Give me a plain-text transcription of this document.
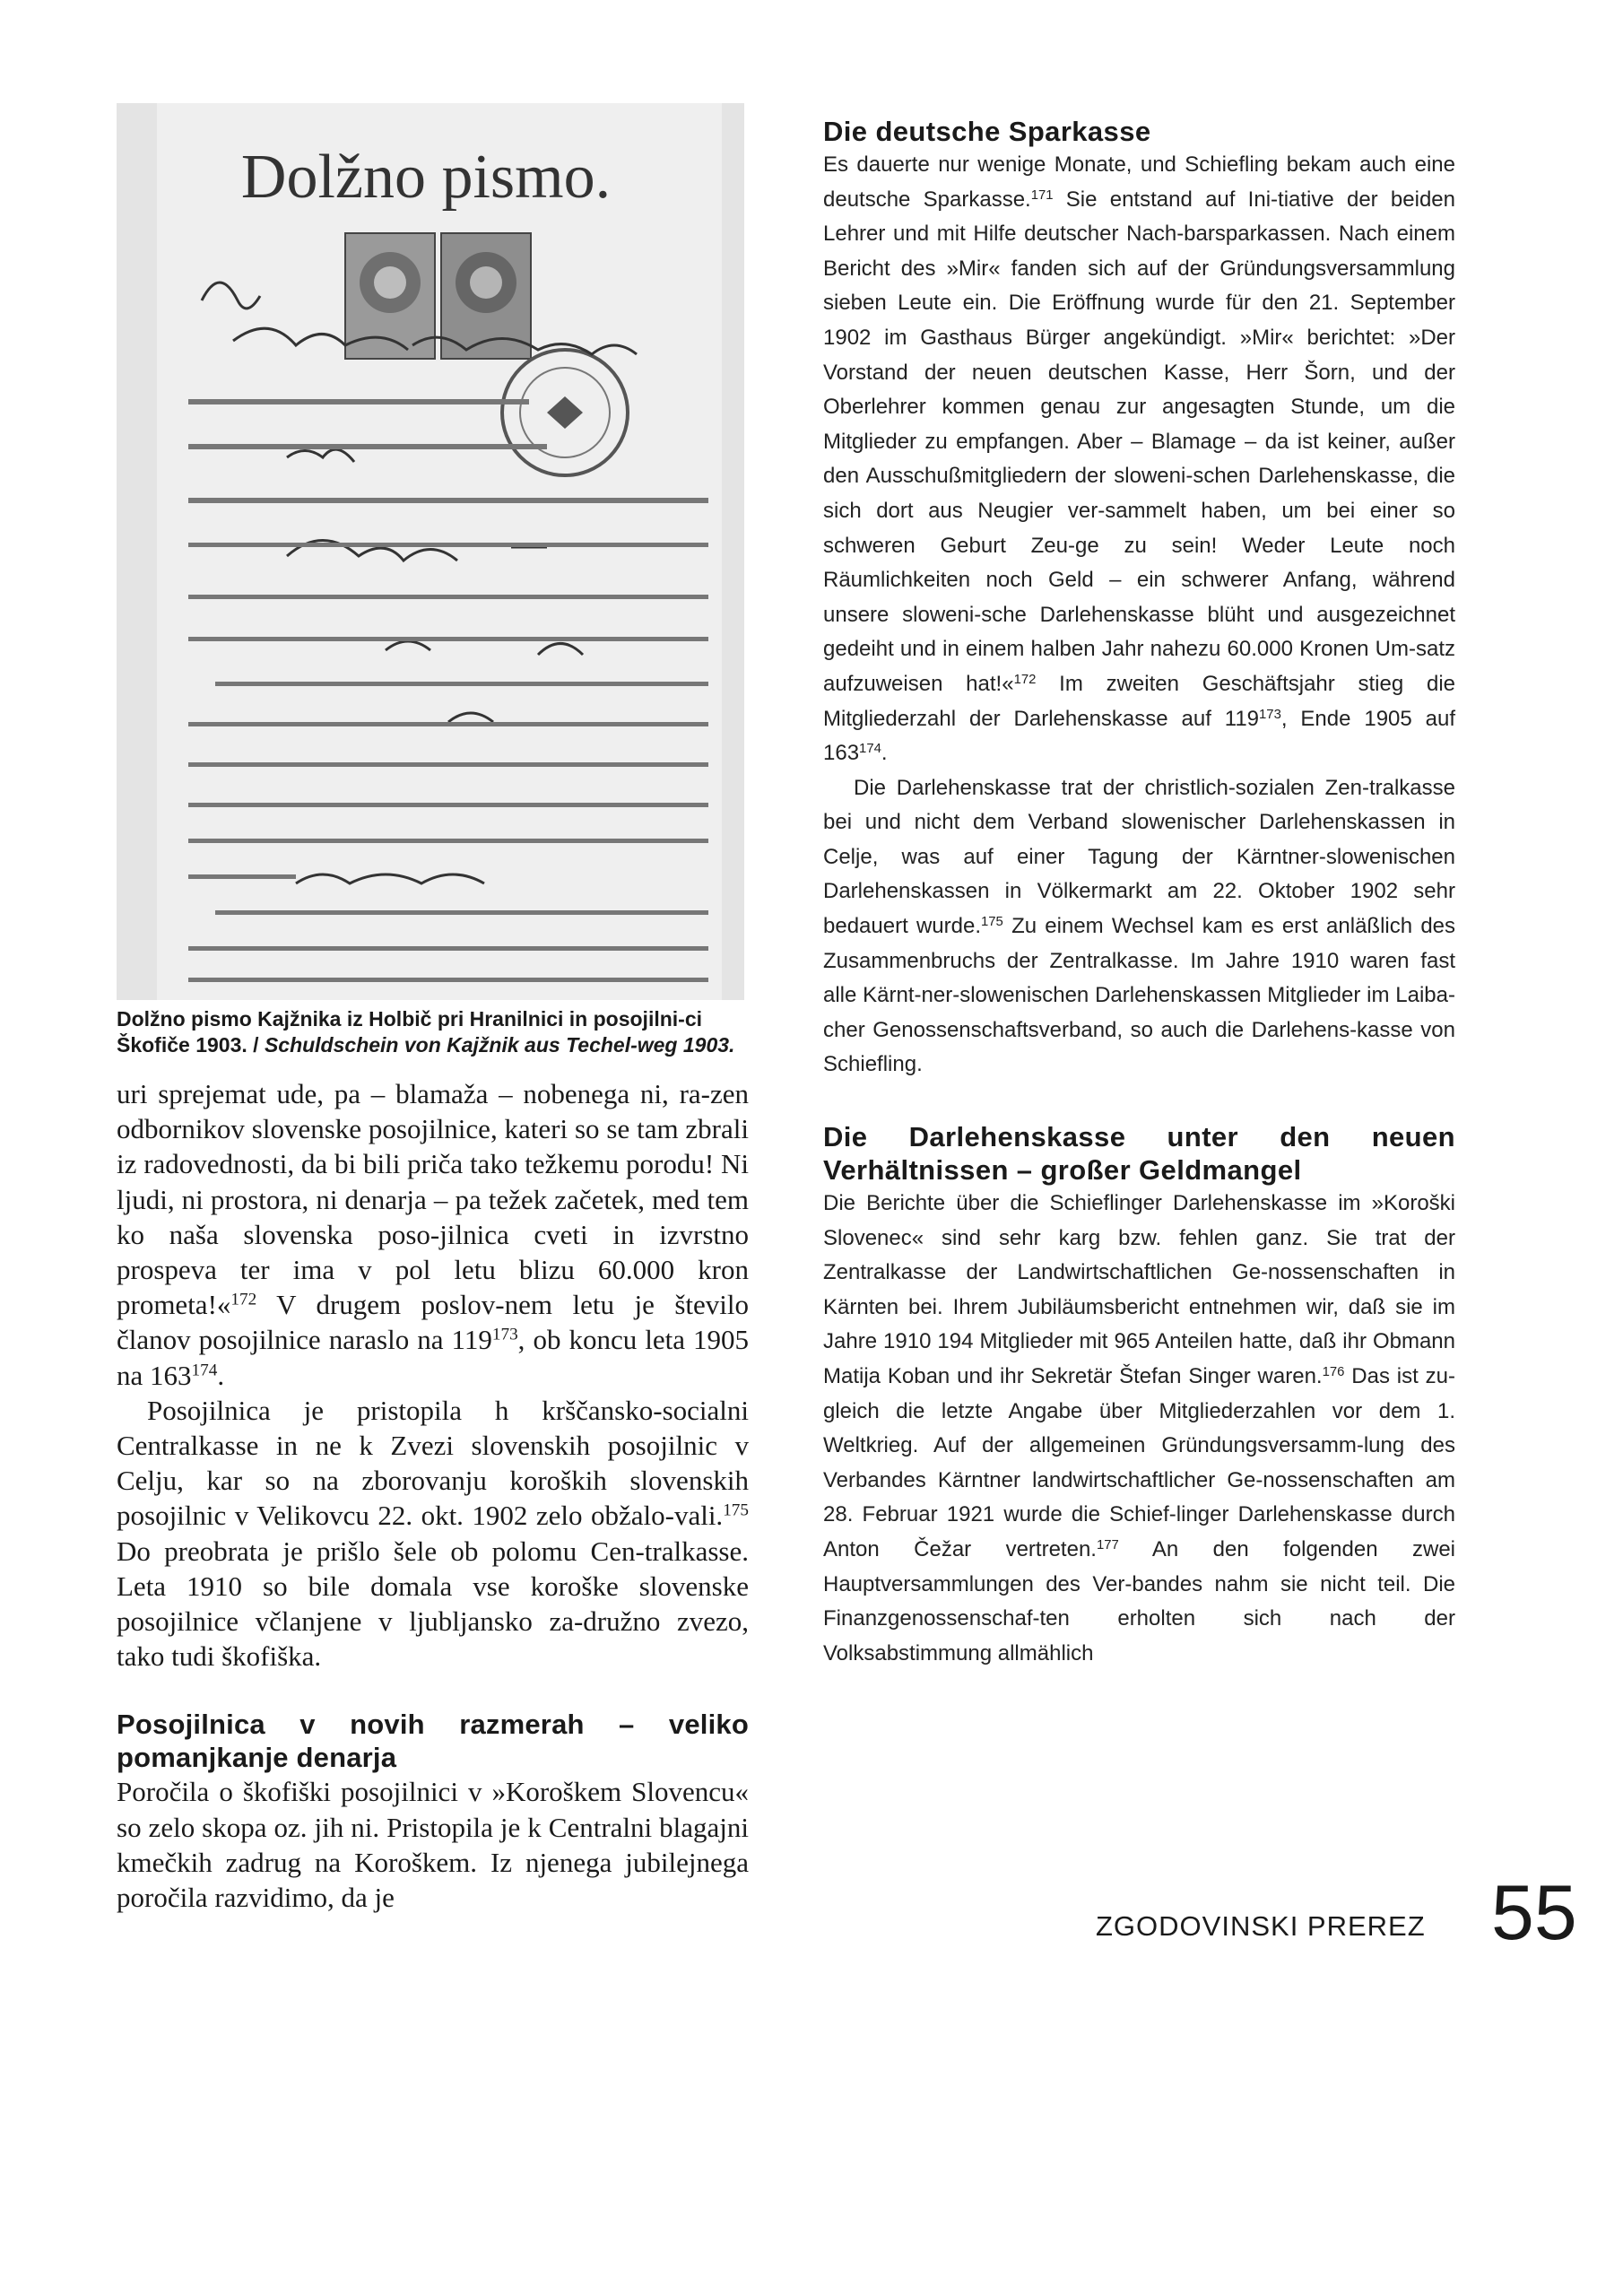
Dolžno pismo.
Dolžno pismo Kajžnika iz Holbič pri Hranilnici in posojilni-ci Škofiče 1903. / Schuldschein von Kajžnik aus Techel-weg 1903.

uri sprejemat ude, pa – blamaža – nobenega ni, ra-zen odbornikov slovenske posojilnice, kateri so se tam zbrali iz radovednosti, da bi bili priča tako težkemu porodu! Ni ljudi, ni prostora, ni denarja – pa težek začetek, med tem ko naša slovenska poso-jilnica cveti in izvrstno prospeva ter ima v pol letu blizu 60.000 kron prometa!«$^{172}$ V drugem poslov-nem letu je število članov posojilnice naraslo na $119^{173}$, ob koncu leta 1905 na $163^{174}$.

Posojilnica je pristopila h krščansko-socialni Centralkasse in ne k Zvezi slovenskih posojilnic v Celju, kar so na zborovanju koroških slovenskih posojilnic v Velikovcu 22. okt. 1902 zelo obžalo-vali.$^{175}$ Do preobrata je prišlo šele ob polomu Cen-tralkasse. Leta 1910 so bile domala vse koroške slovenske posojilnice včlanjene v ljubljansko za-družno zvezo, tako tudi škofiška.

Posojilnica v novih razmerah – veliko pomanjkanje denarja

Poročila o škofiški posojilnici v »Koroškem Slovencu« so zelo skopa oz. jih ni. Pristopila je k Centralni blagajni kmečkih zadrug na Koroškem. Iz njenega jubilejnega poročila razvidimo, da je

Die deutsche Sparkasse

Es dauerte nur wenige Monate, und Schiefling bekam auch eine deutsche Sparkasse.$^{171}$ Sie entstand auf Ini-tiative der beiden Lehrer und mit Hilfe deutscher Nach-barsparkassen. Nach einem Bericht des »Mir« fanden sich auf der Gründungsversammlung sieben Leute ein. Die Eröffnung wurde für den 21. September 1902 im Gasthaus Bürger angekündigt. »Mir« berichtet: »Der Vorstand der neuen deutschen Kasse, Herr Šorn, und der Oberlehrer kommen genau zur angesagten Stunde, um die Mitglieder zu empfangen. Aber – Blamage – da ist keiner, außer den Ausschußmitgliedern der sloweni-schen Darlehenskasse, die sich dort aus Neugier ver-sammelt haben, um bei einer so schweren Geburt Zeu-ge zu sein! Weder Leute noch Räumlichkeiten noch Geld – ein schwerer Anfang, während unsere sloweni-sche Darlehenskasse blüht und ausgezeichnet gedeiht und in einem halben Jahr nahezu 60.000 Kronen Um-satz aufzuweisen hat!«$^{172}$ Im zweiten Geschäftsjahr stieg die Mitgliederzahl der Darlehenskasse auf $119^{173}$, Ende 1905 auf $163^{174}$.

Die Darlehenskasse trat der christlich-sozialen Zen-tralkasse bei und nicht dem Verband slowenischer Darlehenskassen in Celje, was auf einer Tagung der Kärntner-slowenischen Darlehenskassen in Völkermarkt am 22. Oktober 1902 sehr bedauert wurde.$^{175}$ Zu einem Wechsel kam es erst anläßlich des Zusammenbruchs der Zentralkasse. Im Jahre 1910 waren fast alle Kärnt-ner-slowenischen Darlehenskassen Mitglieder im Laiba-cher Genossenschaftsverband, so auch die Darlehens-kasse von Schiefling.

Die Darlehenskasse unter den neuen Verhältnissen – großer Geldmangel

Die Berichte über die Schieflinger Darlehenskasse im »Koroški Slovenec« sind sehr karg bzw. fehlen ganz. Sie trat der Zentralkasse der Landwirtschaftlichen Ge-nossenschaften in Kärnten bei. Ihrem Jubiläumsbericht entnehmen wir, daß sie im Jahre 1910 194 Mitglieder mit 965 Anteilen hatte, daß ihr Obmann Matija Koban und ihr Sekretär Štefan Singer waren.$^{176}$ Das ist zu-gleich die letzte Angabe über Mitgliederzahlen vor dem 1. Weltkrieg. Auf der allgemeinen Gründungsversamm-lung des Verbandes Kärntner landwirtschaftlicher Ge-nossenschaften am 28. Februar 1921 wurde die Schief-linger Darlehenskasse durch Anton Čežar vertreten.$^{177}$ An den folgenden zwei Hauptversammlungen des Ver-bandes nahm sie nicht teil. Die Finanzgenossenschaf-ten erholten sich nach der Volksabstimmung allmählich

ZGODOVINSKI PREREZ 55
